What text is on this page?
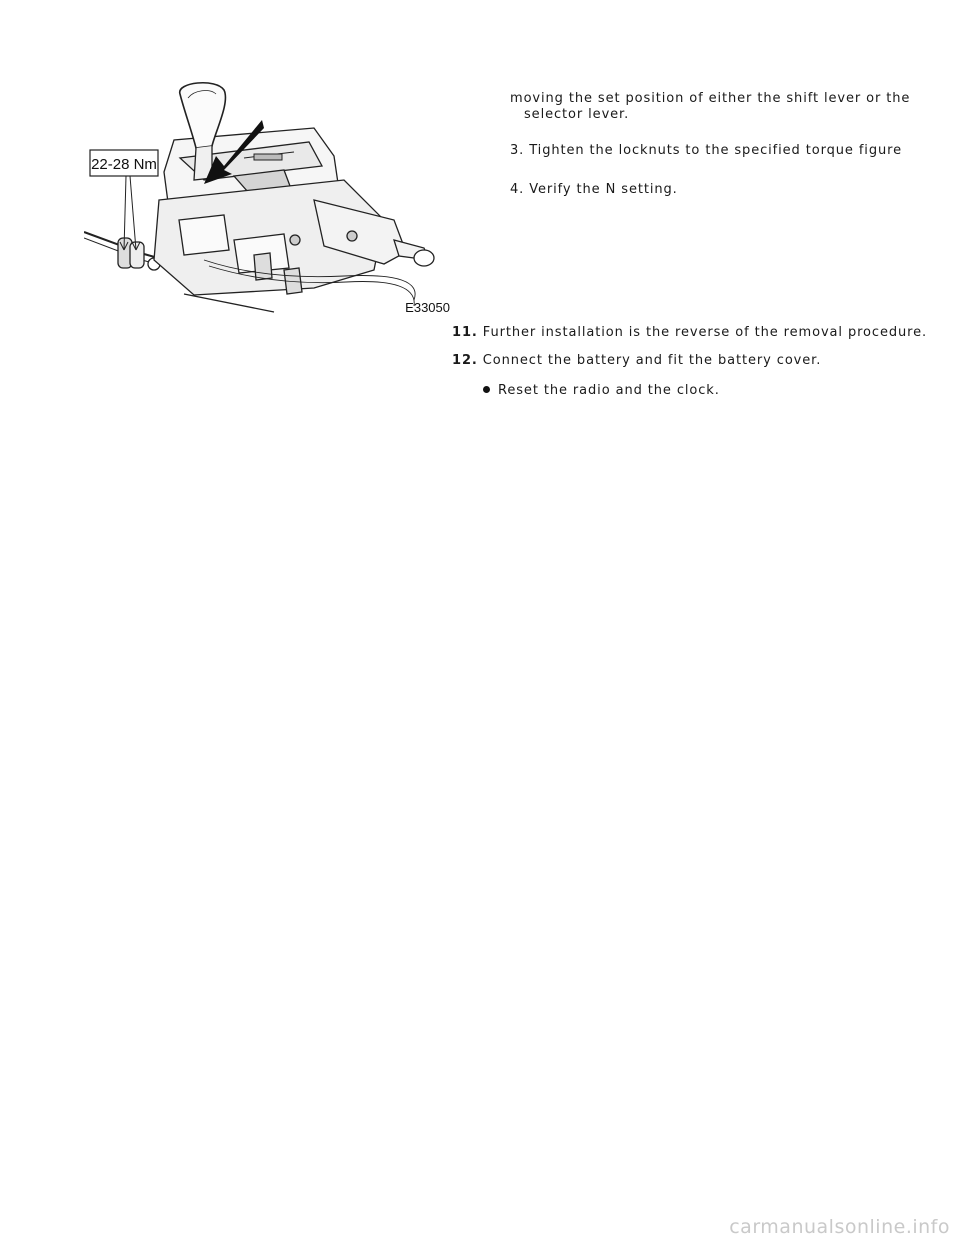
22-28 Nm
E33050
moving the set position of either the shift lever or the
selector lever.
3. Tighten the locknuts to the specified torque figure
4. Verify the N setting.
11. Further installation is the reverse of the removal procedure.
12. Connect the battery and fit the battery cover.
Reset the radio and the clock.
carmanualsonline.info
